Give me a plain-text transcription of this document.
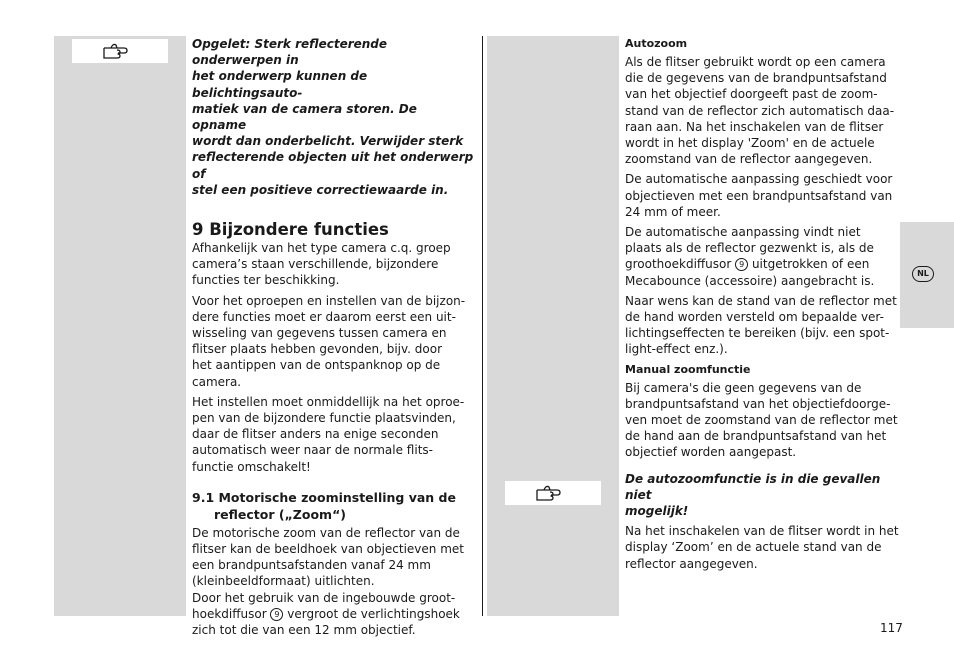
NL

Opgelet: Sterk reflecterende onderwerpen in
het onderwerp kunnen de belichtingsauto-
matiek van de camera storen. De opname
wordt dan onderbelicht. Verwijder sterk
reflecterende objecten uit het onderwerp of
stel een positieve correctiewaarde in.

9 Bijzondere functies

Afhankelijk van het type camera c.q. groep
camera’s staan verschillende, bijzondere
functies ter beschikking.

Voor het oproepen en instellen van de bijzon-
dere functies moet er daarom eerst een uit-
wisseling van gegevens tussen camera en
flitser plaats hebben gevonden, bijv. door
het aantippen van de ontspanknop op de
camera.

Het instellen moet onmiddellijk na het oproe-
pen van de bijzondere functie plaatsvinden,
daar de flitser anders na enige seconden
automatisch weer naar de normale flits-
functie omschakelt!

9.1 Motorische zoominstelling van de
reflector („Zoom“)

De motorische zoom van de reflector van de
flitser kan de beeldhoek van objectieven met
een brandpuntsafstanden vanaf 24 mm
(kleinbeeldformaat) uitlichten.

Door het gebruik van de ingebouwde groot-
hoekdiffusor 9 vergroot de verlichtingshoek
zich tot die van een 12 mm objectief.

Autozoom

Als de flitser gebruikt wordt op een camera
die de gegevens van de brandpuntsafstand
van het objectief doorgeeft past de zoom-
stand van de reflector zich automatisch daa-
raan aan. Na het inschakelen van de flitser
wordt in het display 'Zoom' en de actuele
zoomstand van de reflector aangegeven.

De automatische aanpassing geschiedt voor
objectieven met een brandpuntsafstand van
24 mm of meer.

De automatische aanpassing vindt niet
plaats als de reflector gezwenkt is, als de
groothoekdiffusor 9 uitgetrokken of een
Mecabounce (accessoire) aangebracht is.

Naar wens kan de stand van de reflector met
de hand worden versteld om bepaalde ver-
lichtingseffecten te bereiken (bijv. een spot-
light-effect enz.).

Manual zoomfunctie

Bij camera's die geen gegevens van de
brandpuntsafstand van het objectiefdoorge-
ven moet de zoomstand van de reflector met
de hand aan de brandpuntsafstand van het
objectief worden aangepast.

De autozoomfunctie is in die gevallen niet
mogelijk!

Na het inschakelen van de flitser wordt in het
display ‘Zoom’ en de actuele stand van de
reflector aangegeven.

117
